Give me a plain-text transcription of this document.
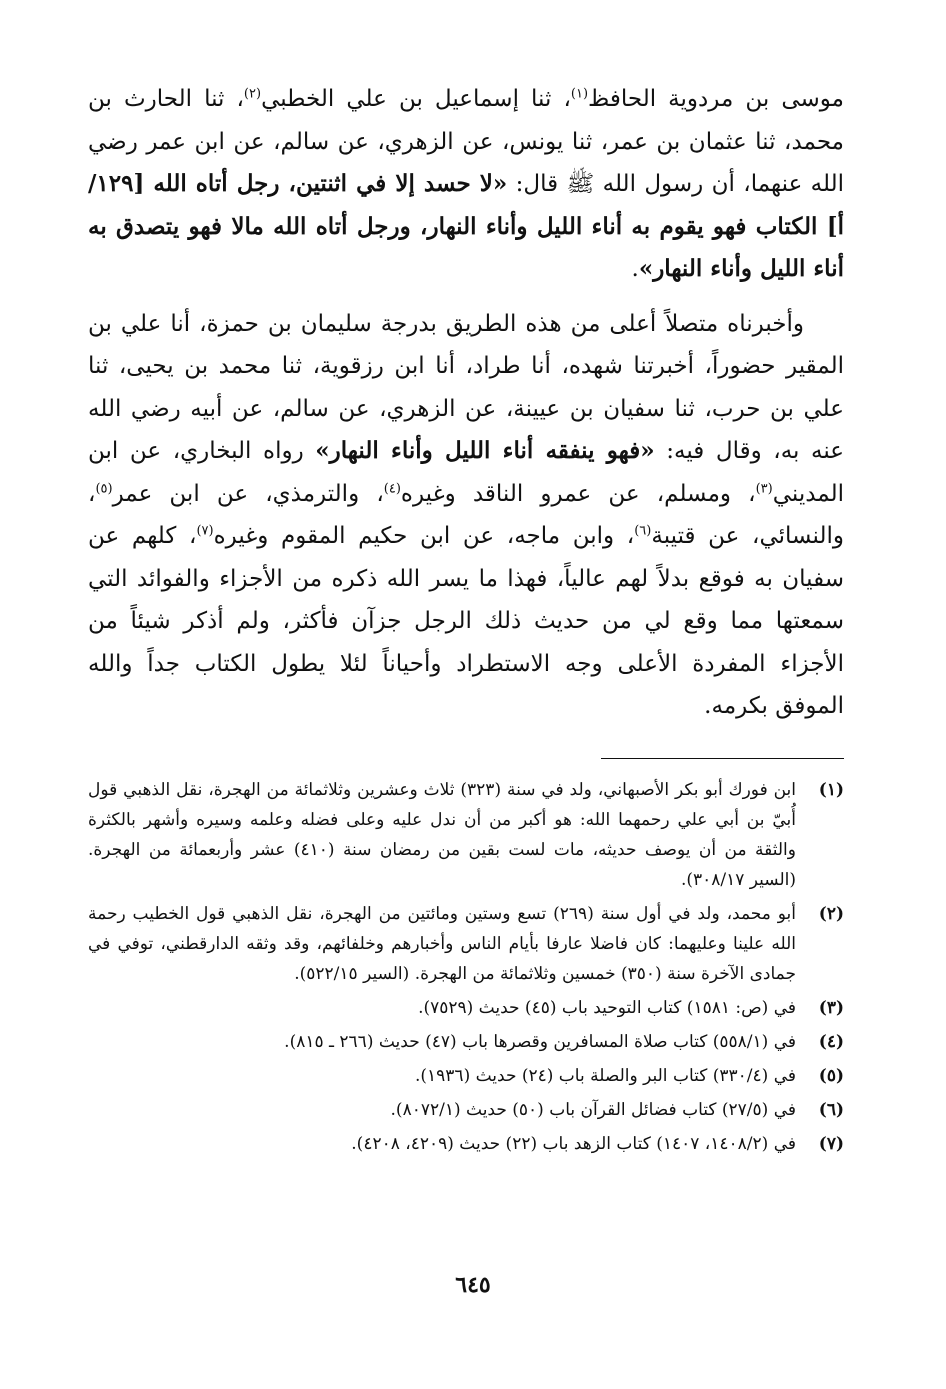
موسى بن مردوية الحافظ$^{(١)}$، ثنا إسماعيل بن علي الخطبي$^{(٢)}$، ثنا الحارث بن محمد، ثنا عثمان بن عمر، ثنا يونس، عن الزهري، عن سالم، عن ابن عمر رضي الله عنهما، أن رسول الله ﷺ قال: «لا حسد إلا في اثنتين، رجل أتاه الله [١٢٩/أ] الكتاب فهو يقوم به أناء الليل وأناء النهار، ورجل أتاه الله مالا فهو يتصدق به أناء الليل وأناء النهار».

وأخبرناه متصلاً أعلى من هذه الطريق بدرجة سليمان بن حمزة، أنا علي بن المقير حضوراً، أخبرتنا شهده، أنا طراد، أنا ابن رزقوية، ثنا محمد بن يحيى، ثنا علي بن حرب، ثنا سفيان بن عيينة، عن الزهري، عن سالم، عن أبيه رضي الله عنه به، وقال فيه: «فهو ينفقه أناء الليل وأناء النهار» رواه البخاري، عن ابن المديني$^{(٣)}$، ومسلم، عن عمرو الناقد وغيره$^{(٤)}$، والترمذي، عن ابن عمر$^{(٥)}$، والنسائي، عن قتيبة$^{(٦)}$، وابن ماجه، عن ابن حكيم المقوم وغيره$^{(٧)}$، كلهم عن سفيان به فوقع بدلاً لهم عالياً، فهذا ما يسر الله ذكره من الأجزاء والفوائد التي سمعتها مما وقع لي من حديث ذلك الرجل جزآن فأكثر، ولم أذكر شيئاً من الأجزاء المفردة الأعلى وجه الاستطراد وأحياناً لئلا يطول الكتاب جداً والله الموفق بكرمه.

(١)
ابن فورك أبو بكر الأصبهاني، ولد في سنة (٣٢٣) ثلاث وعشرين وثلاثمائة من الهجرة، نقل الذهبي قول أُبيّ بن أبي علي رحمهما الله: هو أكبر من أن ندل عليه وعلى فضله وعلمه وسيره وأشهر بالكثرة والثقة من أن يوصف حديثه، مات لست بقين من رمضان سنة (٤١٠) عشر وأربعمائة من الهجرة. (السير ٣٠٨/١٧).
(٢)
أبو محمد، ولد في أول سنة (٢٦٩) تسع وستين ومائتين من الهجرة، نقل الذهبي قول الخطيب رحمة الله علينا وعليهما: كان فاضلا عارفا بأيام الناس وأخبارهم وخلفائهم، وقد وثقه الدارقطني، توفي في جمادى الآخرة سنة (٣٥٠) خمسين وثلاثمائة من الهجرة. (السير ٥٢٢/١٥).
(٣)
في (ص: ١٥٨١) كتاب التوحيد باب (٤٥) حديث (٧٥٢٩).
(٤)
في (٥٥٨/١) كتاب صلاة المسافرين وقصرها باب (٤٧) حديث (٢٦٦ ـ ٨١٥).
(٥)
في (٣٣٠/٤) كتاب البر والصلة باب (٢٤) حديث (١٩٣٦).
(٦)
في (٢٧/٥) كتاب فضائل القرآن باب (٥٠) حديث (٨٠٧٢/١).
(٧)
في (١٤٠٨/٢، ١٤٠٧) كتاب الزهد باب (٢٢) حديث (٤٢٠٩، ٤٢٠٨).
٦٤٥
